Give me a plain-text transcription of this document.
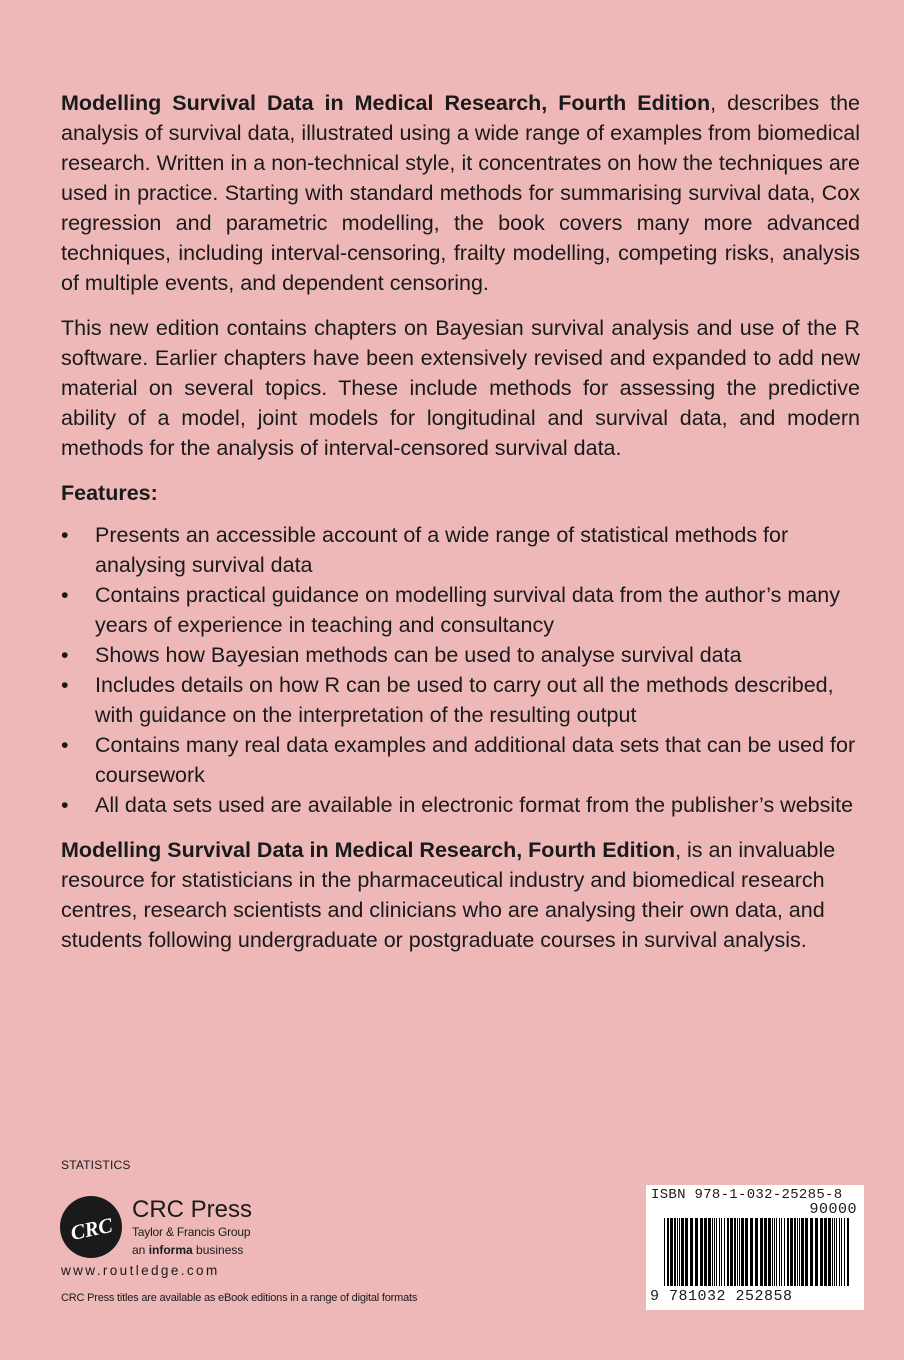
Modelling Survival Data in Medical Research, Fourth Edition, describes the analysis of survival data, illustrated using a wide range of examples from biomedical research. Written in a non-technical style, it concentrates on how the techniques are used in practice. Starting with standard methods for summarising survival data, Cox regression and parametric modelling, the book covers many more advanced techniques, including interval-censoring, frailty modelling, competing risks, analysis of multiple events, and dependent censoring.

This new edition contains chapters on Bayesian survival analysis and use of the R software. Earlier chapters have been extensively revised and expanded to add new material on several topics. These include methods for assessing the predictive ability of a model, joint models for longitudinal and survival data, and modern methods for the analysis of interval-censored survival data.

Features:

• Presents an accessible account of a wide range of statistical methods for analysing survival data
• Contains practical guidance on modelling survival data from the author’s many years of experience in teaching and consultancy
• Shows how Bayesian methods can be used to analyse survival data
• Includes details on how R can be used to carry out all the methods described, with guidance on the interpretation of the resulting output
• Contains many real data examples and additional data sets that can be used for coursework
• All data sets used are available in electronic format from the publisher’s website

Modelling Survival Data in Medical Research, Fourth Edition, is an invaluable resource for statisticians in the pharmaceutical industry and biomedical research centres, research scientists and clinicians who are analysing their own data, and students following undergraduate or postgraduate courses in survival analysis.

STATISTICS
CRC
CRC Press
Taylor & Francis Group
an informa business
www.routledge.com
CRC Press titles are available as eBook editions in a range of digital formats
ISBN 978-1-032-25285-8
90000
9 781032 252858
